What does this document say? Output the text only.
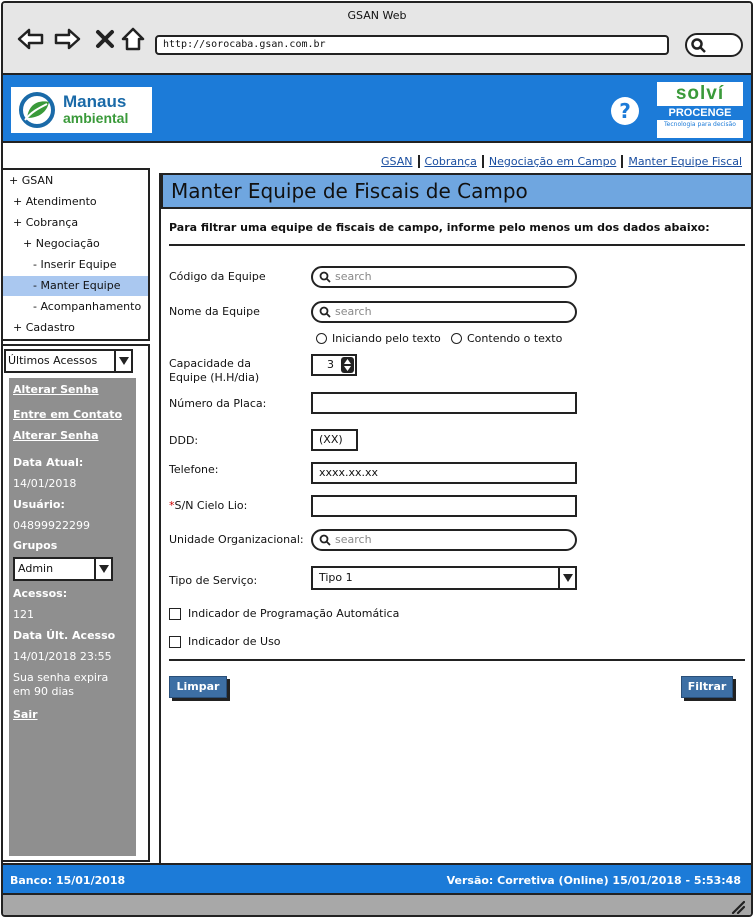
GSAN Web
http://sorocaba.gsan.com.br
Manaus
ambiental	?
solví
PROCENGE
Tecnologia para decisão
GSAN	Cobrança	Negociação em Campo	Manter Equipe Fiscal
+ GSAN
+ Atendimento
+ Cobrança
+ Negociação
- Inserir Equipe
- Manter Equipe
- Acompanhamento
+ Cadastro
Últimos Acessos
Alterar Senha
Entre em Contato
Alterar Senha
Data Atual:
14/01/2018
Usuário:
04899922299
Grupos
Admin
Acessos:
121
Data Últ. Acesso
14/01/2018 23:55
Sua senha expira
em 90 dias
Sair
Manter Equipe de Fiscais de Campo
Para filtrar uma equipe de fiscais de campo, informe pelo menos um dos dados abaixo:
Código da Equipe	search
Nome da Equipe	search
Iniciando pelo texto Contendo o texto
Capacidade da
Equipe (H.H/dia)
3
Número da Placa:
DDD:	(XX)
Telefone:	xxxx.xx.xx
*S/N Cielo Lio:
Unidade Organizacional:	search
Tipo de Serviço:	Tipo 1
Indicador de Programação Automática
Indicador de Uso
Limpar	Filtrar
Banco: 15/01/2018	Versão: Corretiva (Online) 15/01/2018 - 5:53:48
